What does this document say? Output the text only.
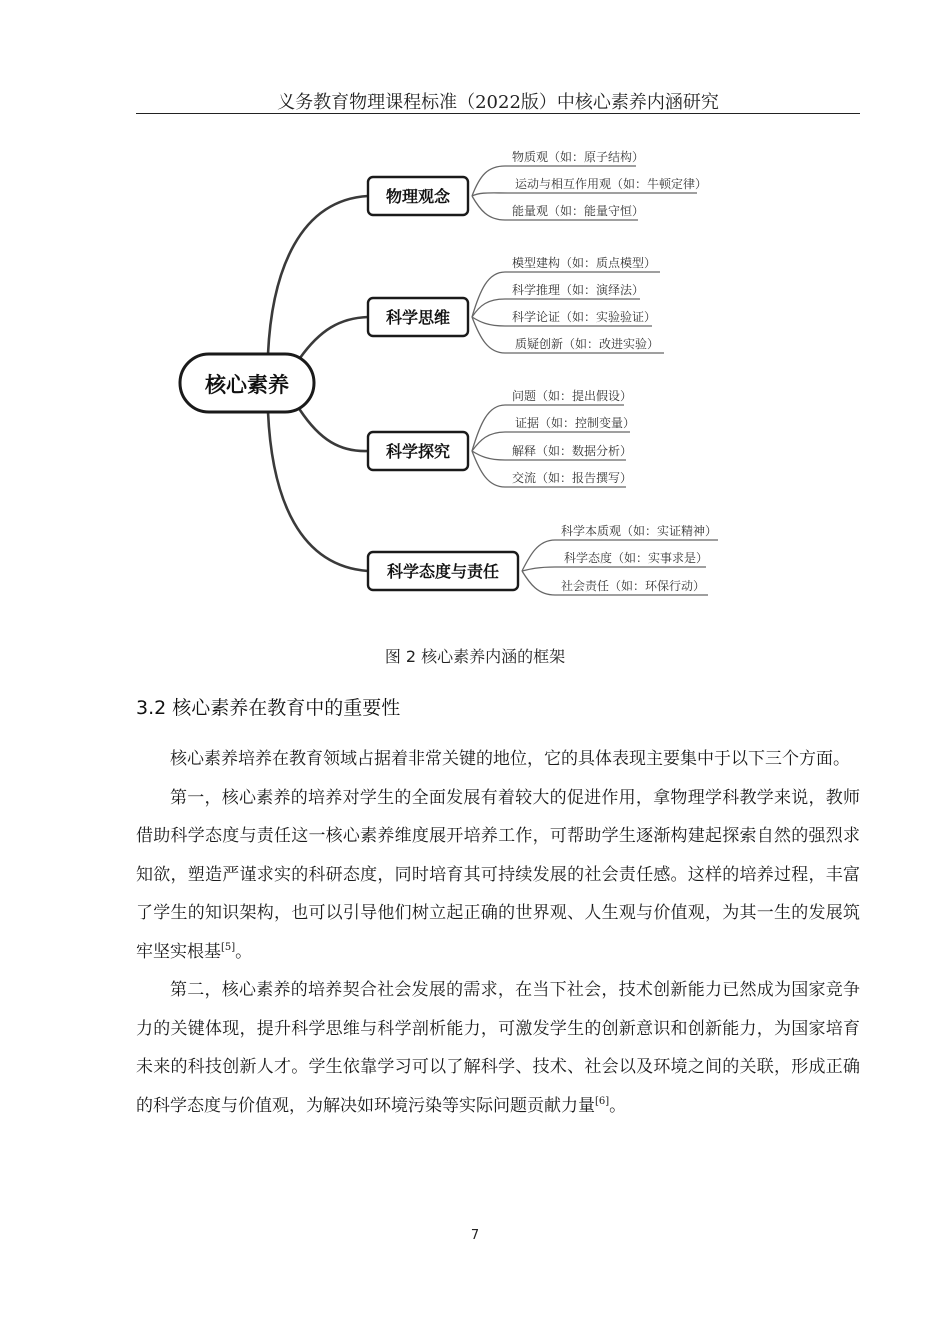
义务教育物理课程标准（2022版）中核心素养内涵研究
核心素养
物理观念
物质观（如：原子结构）
运动与相互作用观（如：牛顿定律）
能量观（如：能量守恒）
科学思维
模型建构（如：质点模型）
科学推理（如：演绎法）
科学论证（如：实验验证）
质疑创新（如：改进实验）
科学探究
问题（如：提出假设）
证据（如：控制变量）
解释（如：数据分析）
交流（如：报告撰写）
科学态度与责任
科学本质观（如：实证精神）
科学态度（如：实事求是）
社会责任（如：环保行动）
图 2 核心素养内涵的框架
3.2 核心素养在教育中的重要性

核心素养培养在教育领域占据着非常关键的地位，它的具体表现主要集中于以下三个方面。

第一，核心素养的培养对学生的全面发展有着较大的促进作用，拿物理学科教学来说，教师借助科学态度与责任这一核心素养维度展开培养工作，可帮助学生逐渐构建起探索自然的强烈求知欲，塑造严谨求实的科研态度，同时培育其可持续发展的社会责任感。这样的培养过程，丰富了学生的知识架构，也可以引导他们树立起正确的世界观、人生观与价值观，为其一生的发展筑牢坚实根基[5]。

第二，核心素养的培养契合社会发展的需求，在当下社会，技术创新能力已然成为国家竞争力的关键体现，提升科学思维与科学剖析能力，可激发学生的创新意识和创新能力，为国家培育未来的科技创新人才。学生依靠学习可以了解科学、技术、社会以及环境之间的关联，形成正确的科学态度与价值观，为解决如环境污染等实际问题贡献力量[6]。

7
